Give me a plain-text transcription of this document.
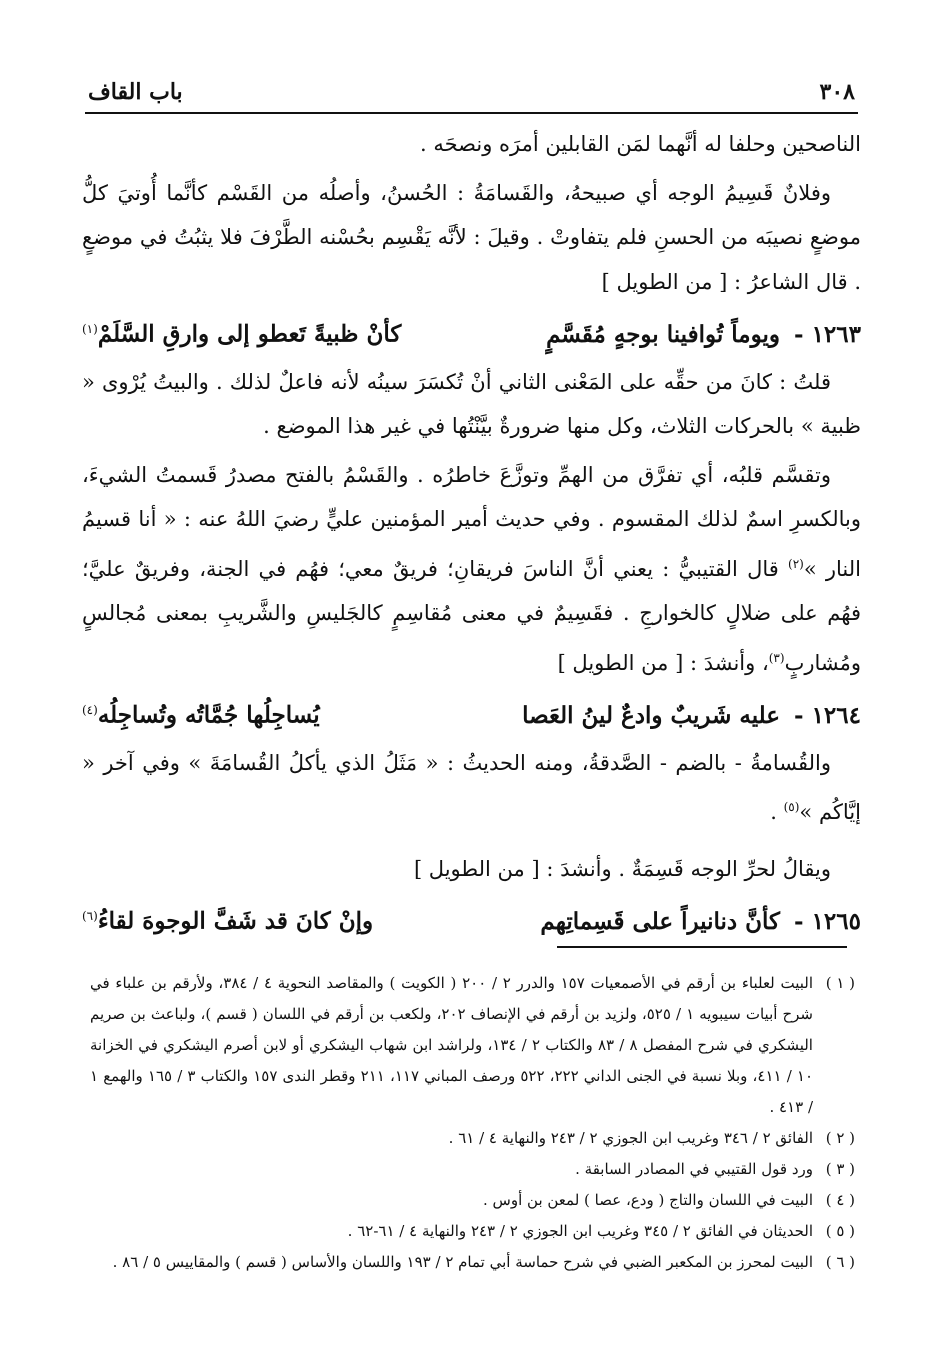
٣٠٨
باب القاف

الناصحين وحلفا له أنَّهما لمَن القابلين أمرَه ونصحَه .

وفلانٌ قَسِيمُ الوجه أي صبيحهُ، والقَسامَةُ : الحُسنُ، وأصلُه من القَسْم كأنَّما أُوتيَ كلُّ موضعٍ نصيبَه من الحسنِ فلم يتفاوتْ . وقيلَ : لأنَّه يَقْسِم بحُسْنه الطَّرْفَ فلا يثبُتُ في موضعٍ . قال الشاعرُ : [ من الطويل ]

١٢٦٣ -
ويوماً تُوافينا بوجهٍ مُقَسَّمٍ
كأنْ ظبيةً تَعطو إلى وارقِ السَّلَمْ$^{(١)}$

قلتُ : كانَ من حقِّه على المَعْنى الثاني أنْ تُكسَرَ سينُه لأنه فاعلٌ لذلك . والبيتُ يُرْوى « ظبية » بالحركات الثلاث، وكل منها ضرورةٌ بيَّنْتُها في غير هذا الموضع .

وتقسَّم قلبُه، أي تفرَّق من الهمِّ وتوزَّعَ خاطرُه . والقَسْمُ بالفتح مصدرُ قَسمتُ الشيءَ، وبالكسرِ اسمٌ لذلك المقسوم . وفي حديث أمير المؤمنين عليٍّ رضيَ اللهُ عنه : « أنا قسيمُ النار »$^{(٢)}$ قال القتيبيُّ : يعني أنَّ الناسَ فريقانِ؛ فريقٌ معي؛ فهُم في الجنة، وفريقٌ عليَّ؛ فهُم على ضلالٍ كالخوارجِ . فقَسِيمٌ في معنى مُقاسِمٍ كالجَليسِ والشَّريبِ بمعنى مُجالسٍ ومُشاربٍ$^{(٣)}$، وأنشدَ : [ من الطويل ]

١٢٦٤ -
عليه شَريبٌ وادعٌ لينُ العَصا
يُساجِلُها جُمَّاتُه وتُساجِلُه$^{(٤)}$

والقُسامةُ - بالضم - الصَّدقةُ، ومنه الحديثُ : « مَثَلُ الذي يأكلُ القُسامَةَ » وفي آخر « إيَّاكُم »$^{(٥)}$ .

ويقالُ لحرِّ الوجه قَسِمَةٌ . وأنشدَ : [ من الطويل ]

١٢٦٥ -
كأنَّ دنانيراً على قَسِماتِهم
وإنْ كانَ قد شَفَّ الوجوهَ لقاءُ$^{(٦)}$

( ١ )
البيت لعلباء بن أرقم في الأصمعيات ١٥٧ والدرر ٢ / ٢٠٠ ( الكويت ) والمقاصد النحوية ٤ / ٣٨٤، ولأرقم بن علباء في شرح أبيات سيبويه ١ / ٥٢٥، ولزيد بن أرقم في الإنصاف ٢٠٢، ولكعب بن أرقم في اللسان ( قسم )، ولباعث بن صريم اليشكري في شرح المفصل ٨ / ٨٣ والكتاب ٢ / ١٣٤، ولراشد ابن شهاب اليشكري أو لابن أصرم اليشكري في الخزانة ١٠ / ٤١١، وبلا نسبة في الجنى الداني ٢٢٢، ٥٢٢ ورصف المباني ١١٧، ٢١١ وقطر الندى ١٥٧ والكتاب ٣ / ١٦٥ والهمع ١ / ٤١٣ .

( ٢ )
الفائق ٢ / ٣٤٦ وغريب ابن الجوزي ٢ / ٢٤٣ والنهاية ٤ / ٦١ .

( ٣ )
ورد قول القتيبي في المصادر السابقة .

( ٤ )
البيت في اللسان والتاج ( ودع، عصا ) لمعن بن أوس .

( ٥ )
الحديثان في الفائق ٢ / ٣٤٥ وغريب ابن الجوزي ٢ / ٢٤٣ والنهاية ٤ / ٦١-٦٢ .

( ٦ )
البيت لمحرز بن المكعبر الضبي في شرح حماسة أبي تمام ٢ / ١٩٣ واللسان والأساس ( قسم ) والمقاييس ٥ / ٨٦ .
